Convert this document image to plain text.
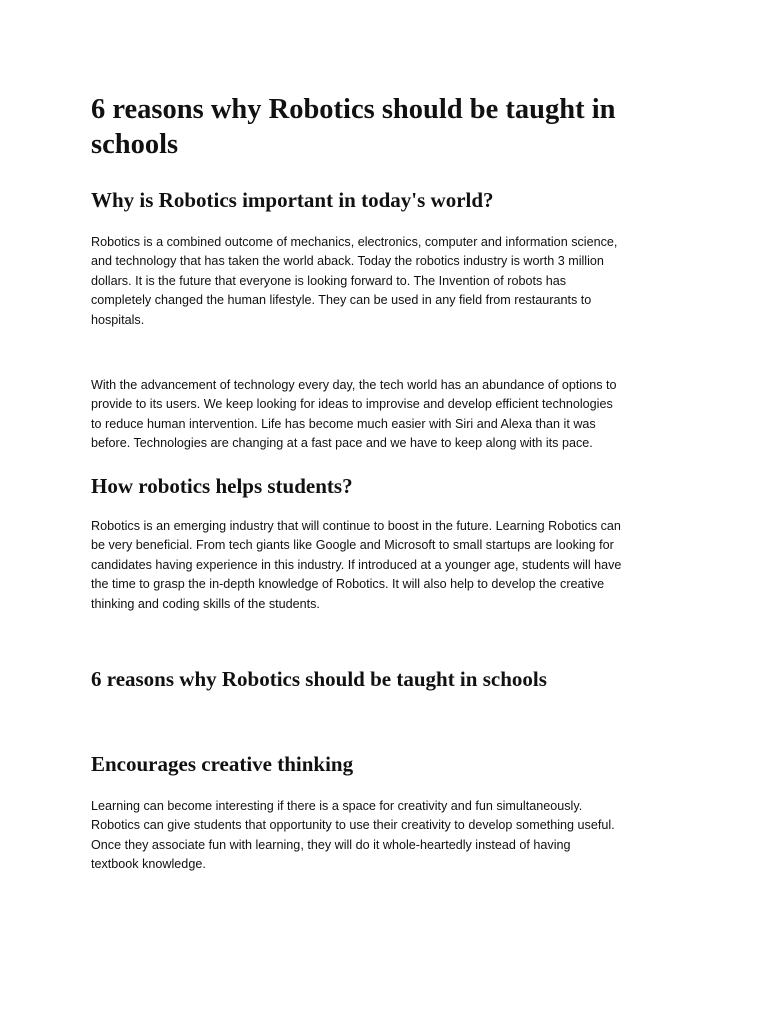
6 reasons why Robotics should be taught in schools
Why is Robotics important in today's world?
Robotics is a combined outcome of mechanics, electronics, computer and information science,
and technology that has taken the world aback. Today the robotics industry is worth 3 million
dollars. It is the future that everyone is looking forward to. The Invention of robots has
completely changed the human lifestyle. They can be used in any field from restaurants to
hospitals.
With the advancement of technology every day, the tech world has an abundance of options to
provide to its users. We keep looking for ideas to improvise and develop efficient technologies
to reduce human intervention. Life has become much easier with Siri and Alexa than it was
before. Technologies are changing at a fast pace and we have to keep along with its pace.
How robotics helps students?
Robotics is an emerging industry that will continue to boost in the future. Learning Robotics can
be very beneficial. From tech giants like Google and Microsoft to small startups are looking for
candidates having experience in this industry. If introduced at a younger age, students will have
the time to grasp the in-depth knowledge of Robotics. It will also help to develop the creative
thinking and coding skills of the students.
6 reasons why Robotics should be taught in schools
Encourages creative thinking
Learning can become interesting if there is a space for creativity and fun simultaneously.
Robotics can give students that opportunity to use their creativity to develop something useful.
Once they associate fun with learning, they will do it whole-heartedly instead of having
textbook knowledge.
